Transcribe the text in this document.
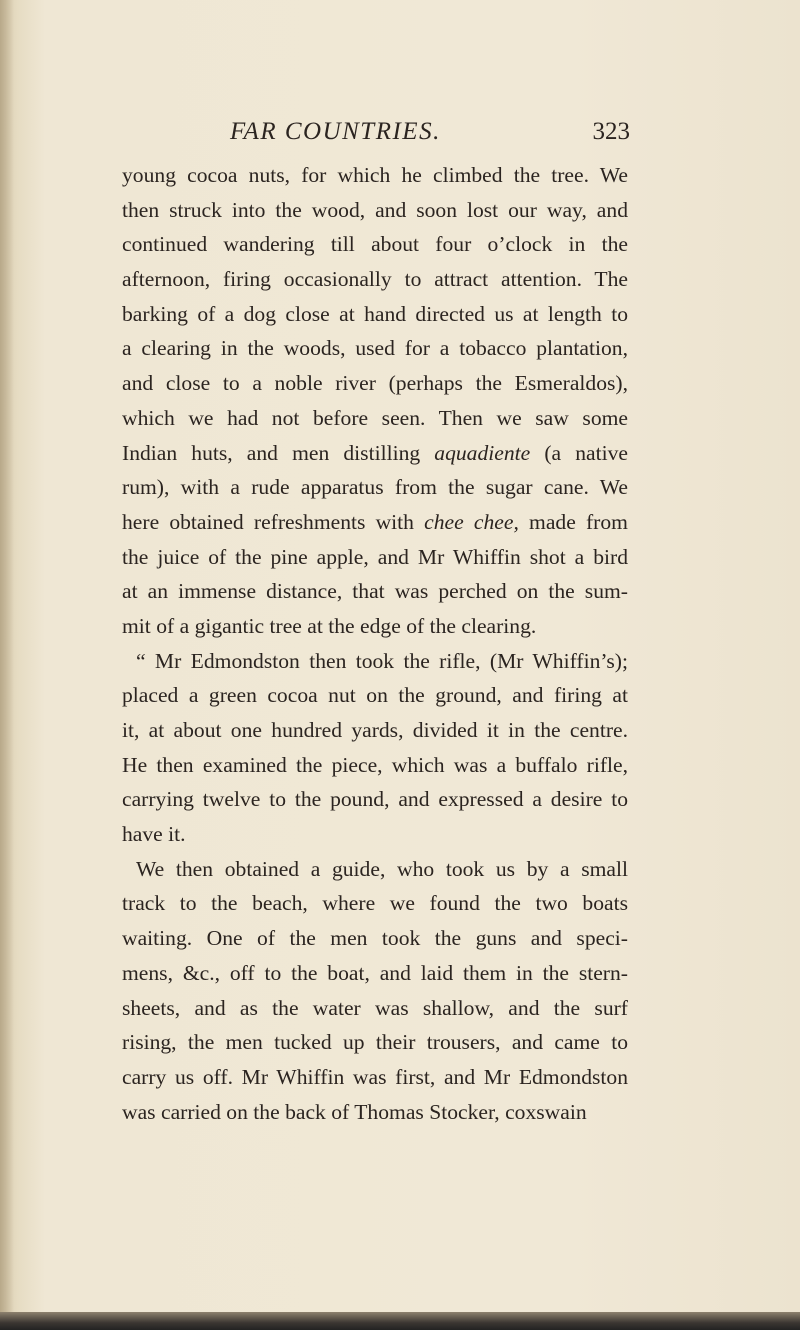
FAR COUNTRIES.	323
young cocoa nuts, for which he climbed the tree. We
then struck into the wood, and soon lost our way, and
continued wandering till about four o’clock in the
afternoon, firing occasionally to attract attention. The
barking of a dog close at hand directed us at length to
a clearing in the woods, used for a tobacco plantation,
and close to a noble river (perhaps the Esmeraldos),
which we had not before seen. Then we saw some
Indian huts, and men distilling aquadiente (a native
rum), with a rude apparatus from the sugar cane. We
here obtained refreshments with chee chee, made from
the juice of the pine apple, and Mr Whiffin shot a bird
at an immense distance, that was perched on the sum-
mit of a gigantic tree at the edge of the clearing.
“ Mr Edmondston then took the rifle, (Mr Whiffin’s);
placed a green cocoa nut on the ground, and firing at
it, at about one hundred yards, divided it in the centre.
He then examined the piece, which was a buffalo rifle,
carrying twelve to the pound, and expressed a desire to
have it.
We then obtained a guide, who took us by a small
track to the beach, where we found the two boats
waiting. One of the men took the guns and speci-
mens, &c., off to the boat, and laid them in the stern-
sheets, and as the water was shallow, and the surf
rising, the men tucked up their trousers, and came to
carry us off. Mr Whiffin was first, and Mr Edmondston
was carried on the back of Thomas Stocker, coxswain
